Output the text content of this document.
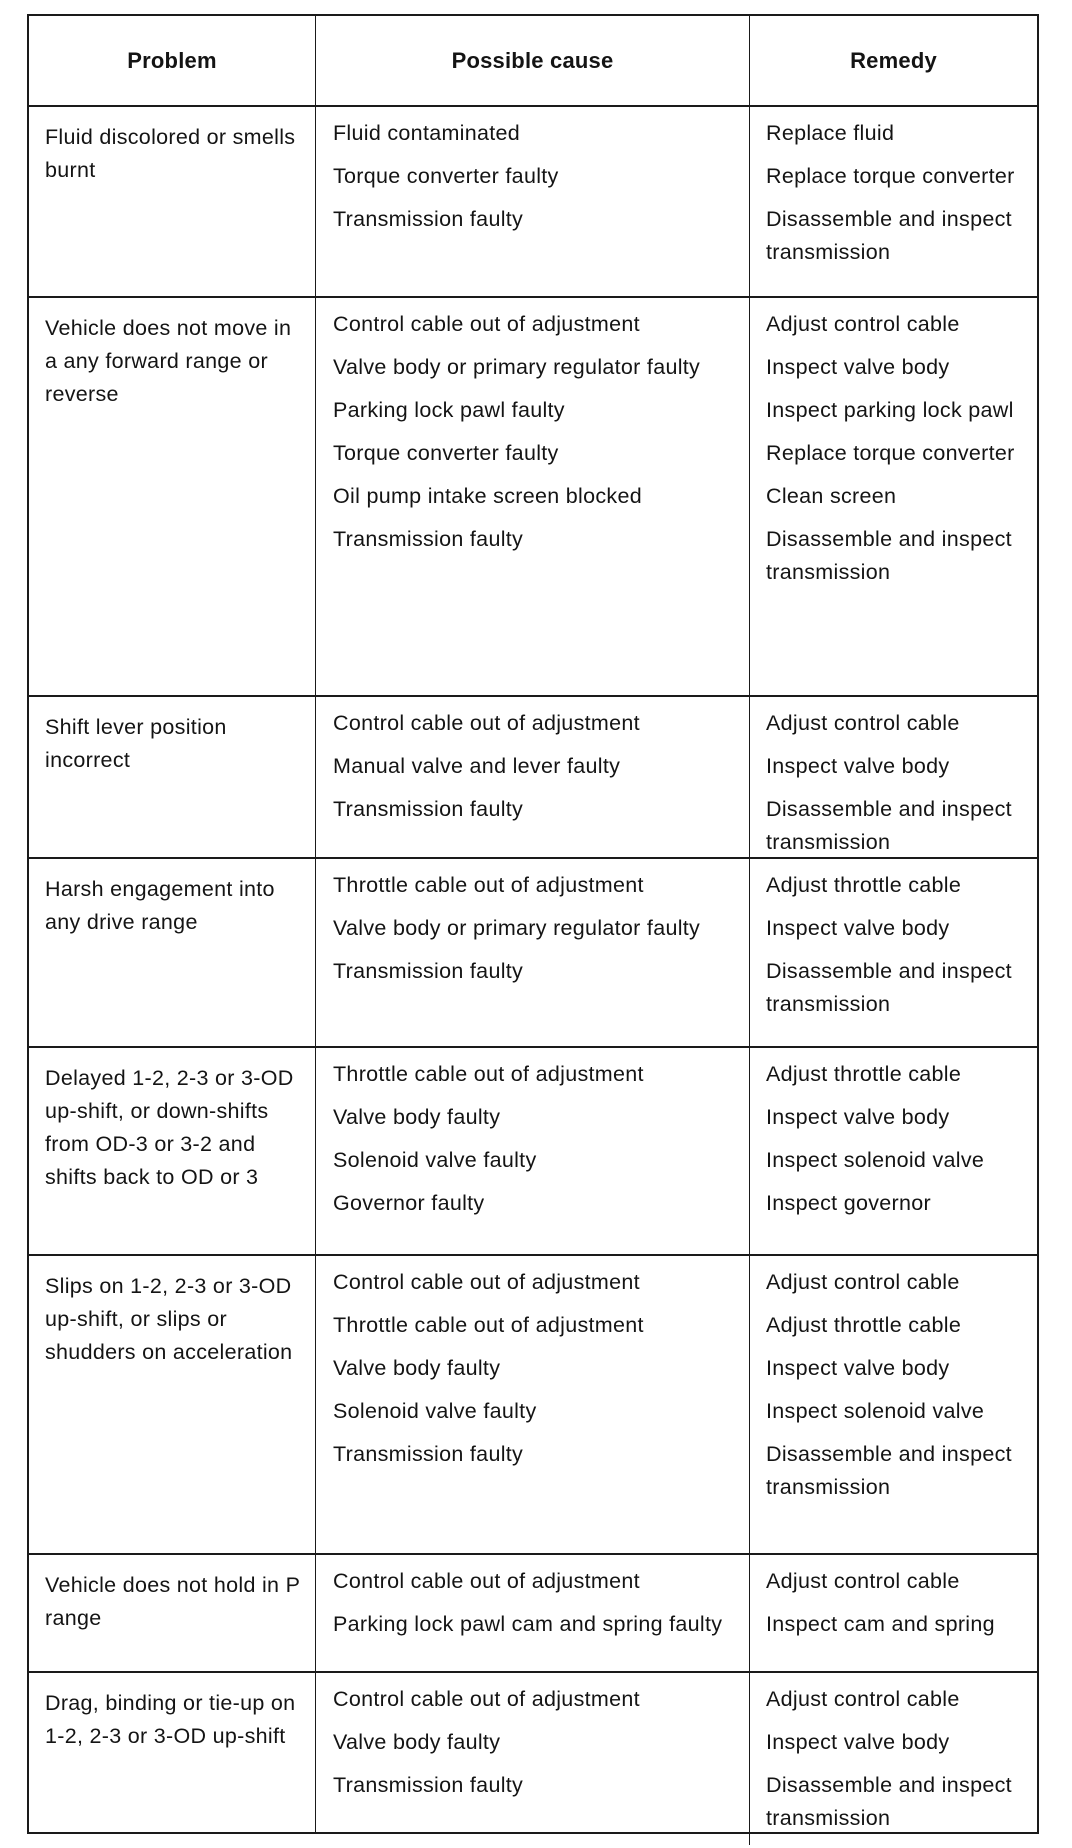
Problem	Possible cause	Remedy
Fluid discolored or smells burnt
Fluid contaminated	Replace fluid
Torque converter faulty	Replace torque converter
Transmission faulty	Disassemble and inspect transmission
Vehicle does not move in a any forward range or reverse
Control cable out of adjustment	Adjust control cable
Valve body or primary regulator faulty	Inspect valve body
Parking lock pawl faulty	Inspect parking lock pawl
Torque converter faulty	Replace torque converter
Oil pump intake screen blocked	Clean screen
Transmission faulty	Disassemble and inspect transmission
Shift lever position incorrect
Control cable out of adjustment	Adjust control cable
Manual valve and lever faulty	Inspect valve body
Transmission faulty	Disassemble and inspect transmission
Harsh engagement into any drive range
Throttle cable out of adjustment	Adjust throttle cable
Valve body or primary regulator faulty	Inspect valve body
Transmission faulty	Disassemble and inspect transmission
Delayed 1-2, 2-3 or 3-OD up-shift, or down-shifts from OD-3 or 3-2 and shifts back to OD or 3
Throttle cable out of adjustment	Adjust throttle cable
Valve body faulty	Inspect valve body
Solenoid valve faulty	Inspect solenoid valve
Governor faulty	Inspect governor
Slips on 1-2, 2-3 or 3-OD up-shift, or slips or shudders on acceleration
Control cable out of adjustment	Adjust control cable
Throttle cable out of adjustment	Adjust throttle cable
Valve body faulty	Inspect valve body
Solenoid valve faulty	Inspect solenoid valve
Transmission faulty	Disassemble and inspect transmission
Vehicle does not hold in P range
Control cable out of adjustment	Adjust control cable
Parking lock pawl cam and spring faulty	Inspect cam and spring
Drag, binding or tie-up on 1-2, 2-3 or 3-OD up-shift
Control cable out of adjustment	Adjust control cable
Valve body faulty	Inspect valve body
Transmission faulty	Disassemble and inspect transmission
